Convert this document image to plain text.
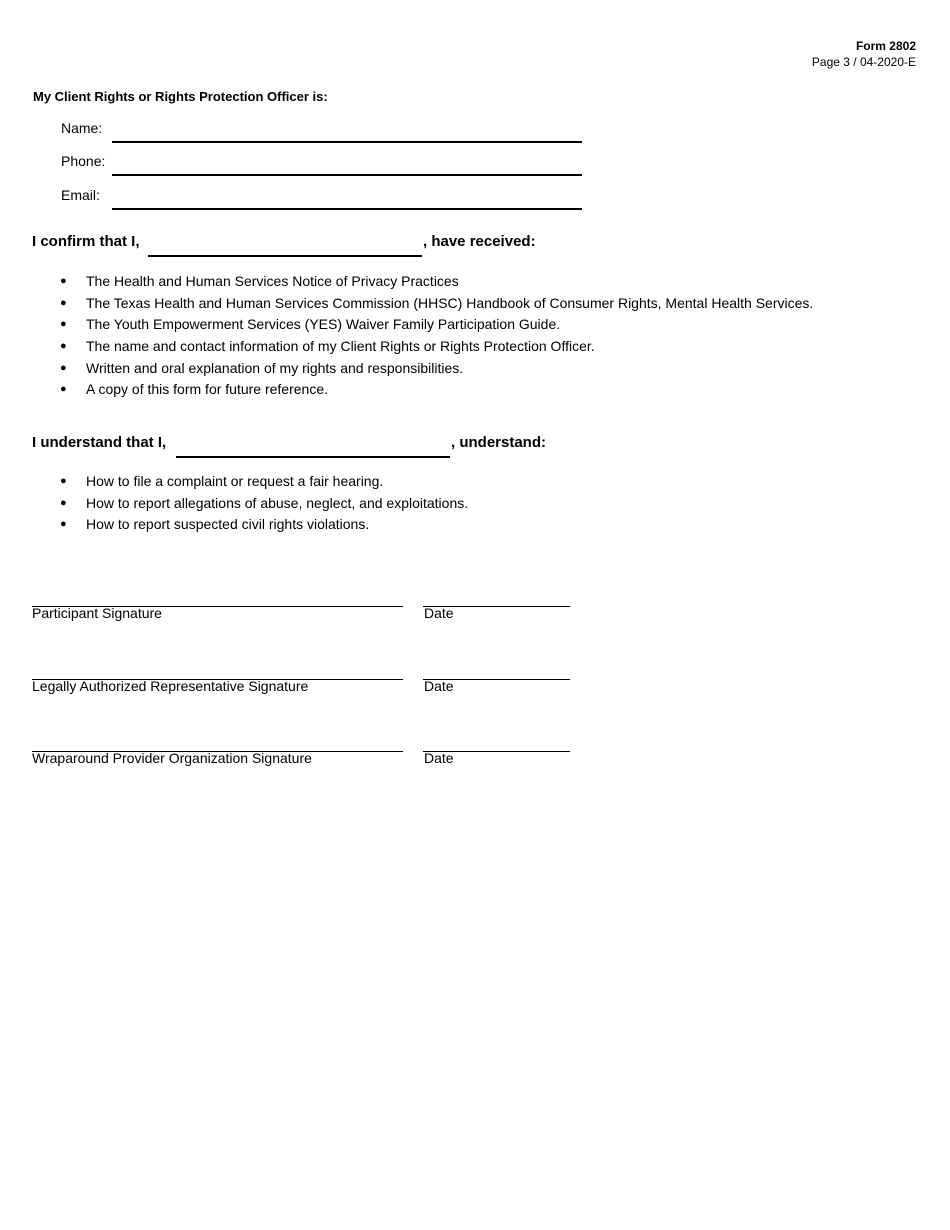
Form 2802
Page 3 / 04-2020-E
My Client Rights or Rights Protection Officer is:
Name:
Phone:
Email:
I confirm that I,	, have received:
● The Health and Human Services Notice of Privacy Practices
● The Texas Health and Human Services Commission (HHSC) Handbook of Consumer Rights, Mental Health Services.
● The Youth Empowerment Services (YES) Waiver Family Participation Guide.
● The name and contact information of my Client Rights or Rights Protection Officer.
● Written and oral explanation of my rights and responsibilities.
● A copy of this form for future reference.
I understand that I,	, understand:
● How to file a complaint or request a fair hearing.
● How to report allegations of abuse, neglect, and exploitations.
● How to report suspected civil rights violations.
Participant Signature	Date
Legally Authorized Representative Signature	Date
Wraparound Provider Organization Signature	Date
